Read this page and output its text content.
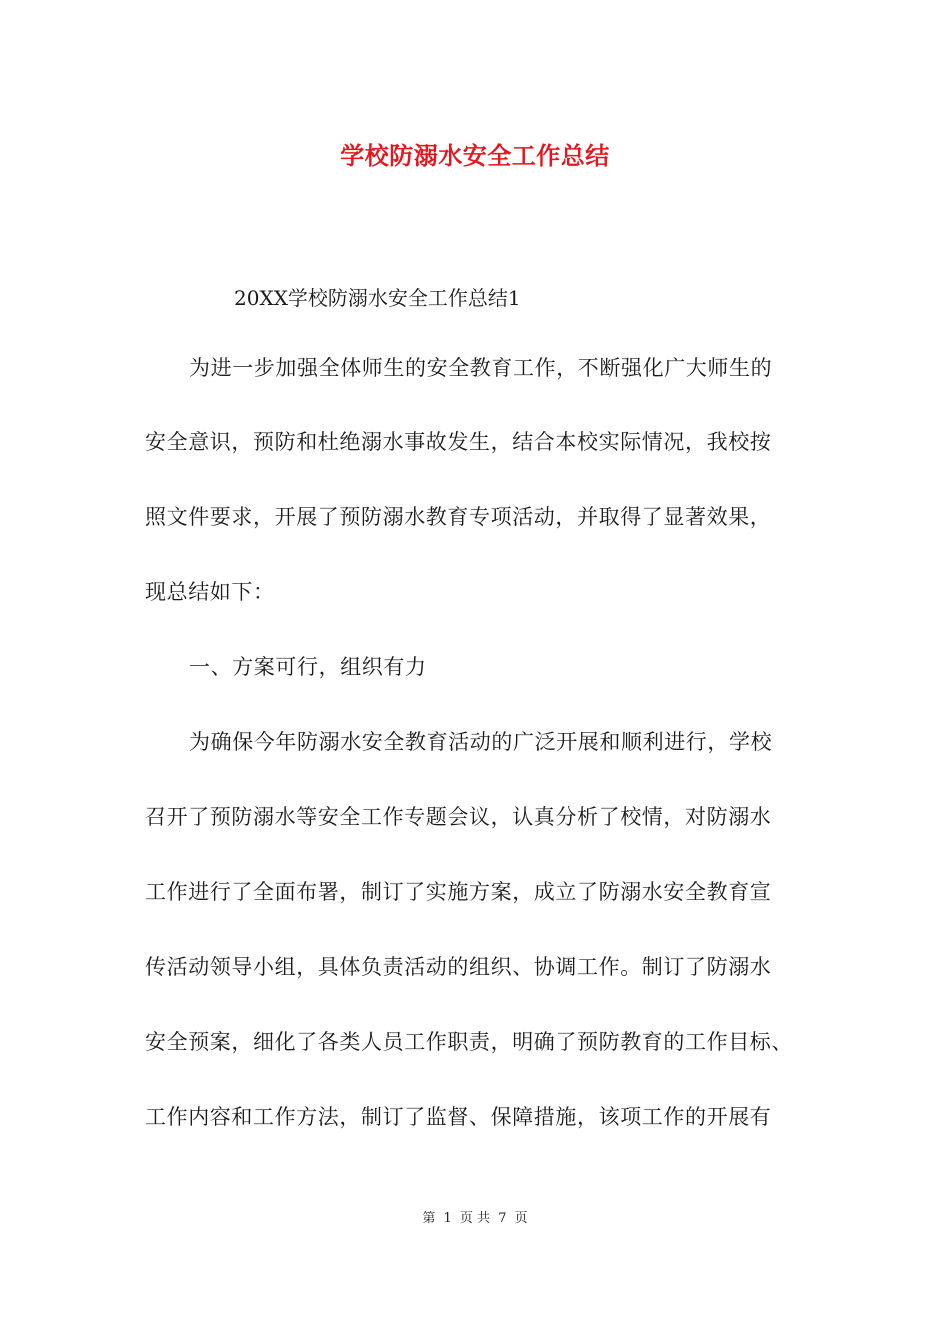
学校防溺水安全工作总结

20XX学校防溺水安全工作总结1

为进一步加强全体师生的安全教育工作，不断强化广大师生的

安全意识，预防和杜绝溺水事故发生，结合本校实际情况，我校按

照文件要求，开展了预防溺水教育专项活动，并取得了显著效果，

现总结如下：

一、方案可行，组织有力

为确保今年防溺水安全教育活动的广泛开展和顺利进行，学校

召开了预防溺水等安全工作专题会议，认真分析了校情，对防溺水

工作进行了全面布署，制订了实施方案，成立了防溺水安全教育宣

传活动领导小组，具体负责活动的组织、协调工作。制订了防溺水

安全预案，细化了各类人员工作职责，明确了预防教育的工作目标、

工作内容和工作方法，制订了监督、保障措施，该项工作的开展有

第 1 页 共 7 页
